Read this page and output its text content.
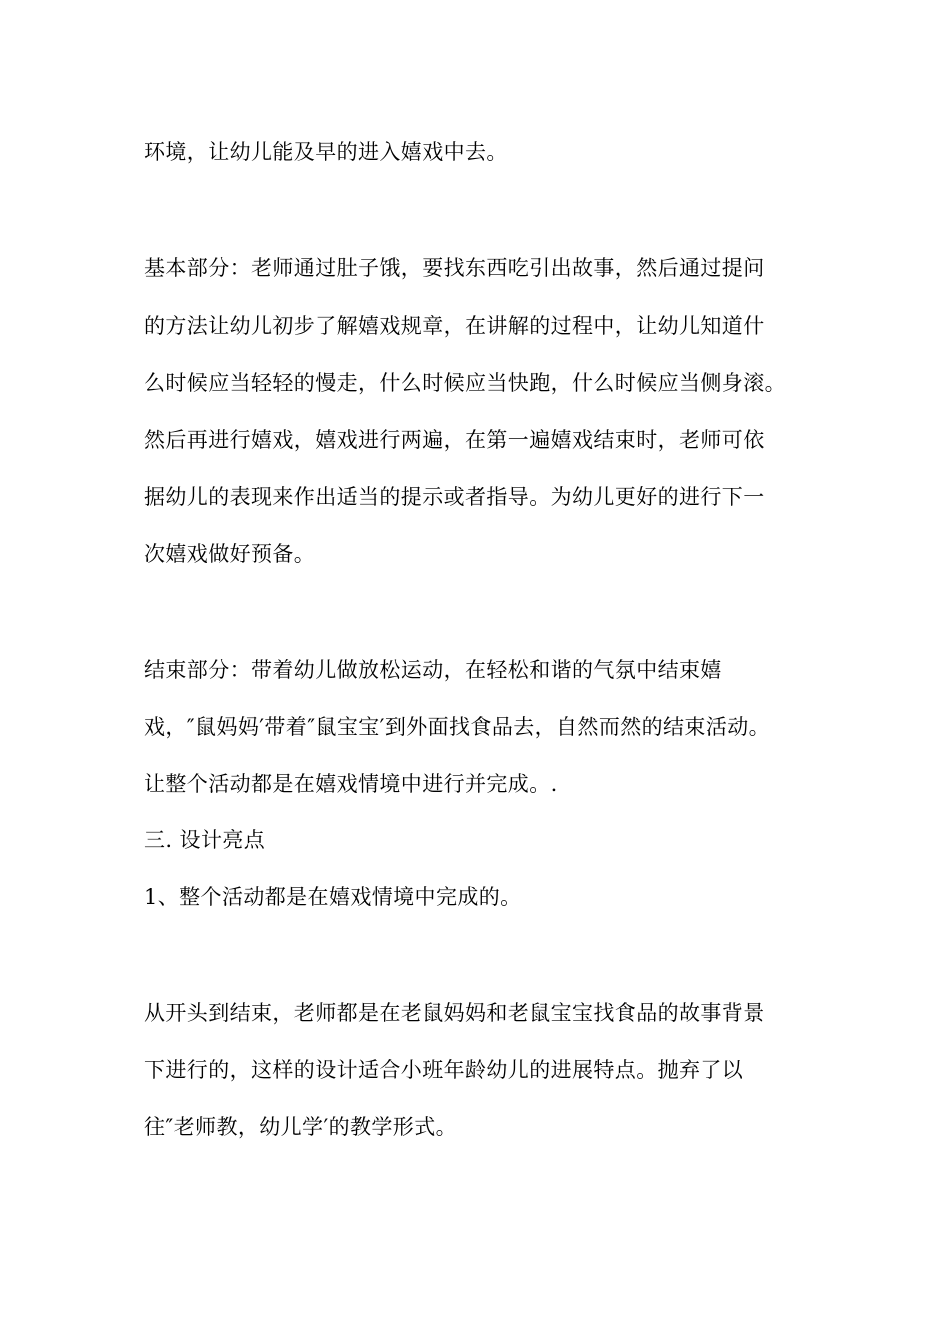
环境，让幼儿能及早的进入嬉戏中去。
基本部分：老师通过肚子饿，要找东西吃引出故事，然后通过提问
的方法让幼儿初步了解嬉戏规章，在讲解的过程中，让幼儿知道什
么时候应当轻轻的慢走，什么时候应当快跑，什么时候应当侧身滚。
然后再进行嬉戏，嬉戏进行两遍，在第一遍嬉戏结束时，老师可依
据幼儿的表现来作出适当的提示或者指导。为幼儿更好的进行下一
次嬉戏做好预备。
结束部分：带着幼儿做放松运动，在轻松和谐的气氛中结束嬉
戏，″鼠妈妈′带着″鼠宝宝′到外面找食品去，自然而然的结束活动。
让整个活动都是在嬉戏情境中进行并完成。.
三. 设计亮点
1、整个活动都是在嬉戏情境中完成的。
从开头到结束，老师都是在老鼠妈妈和老鼠宝宝找食品的故事背景
下进行的，这样的设计适合小班年龄幼儿的进展特点。抛弃了以
往″老师教，幼儿学′的教学形式。
